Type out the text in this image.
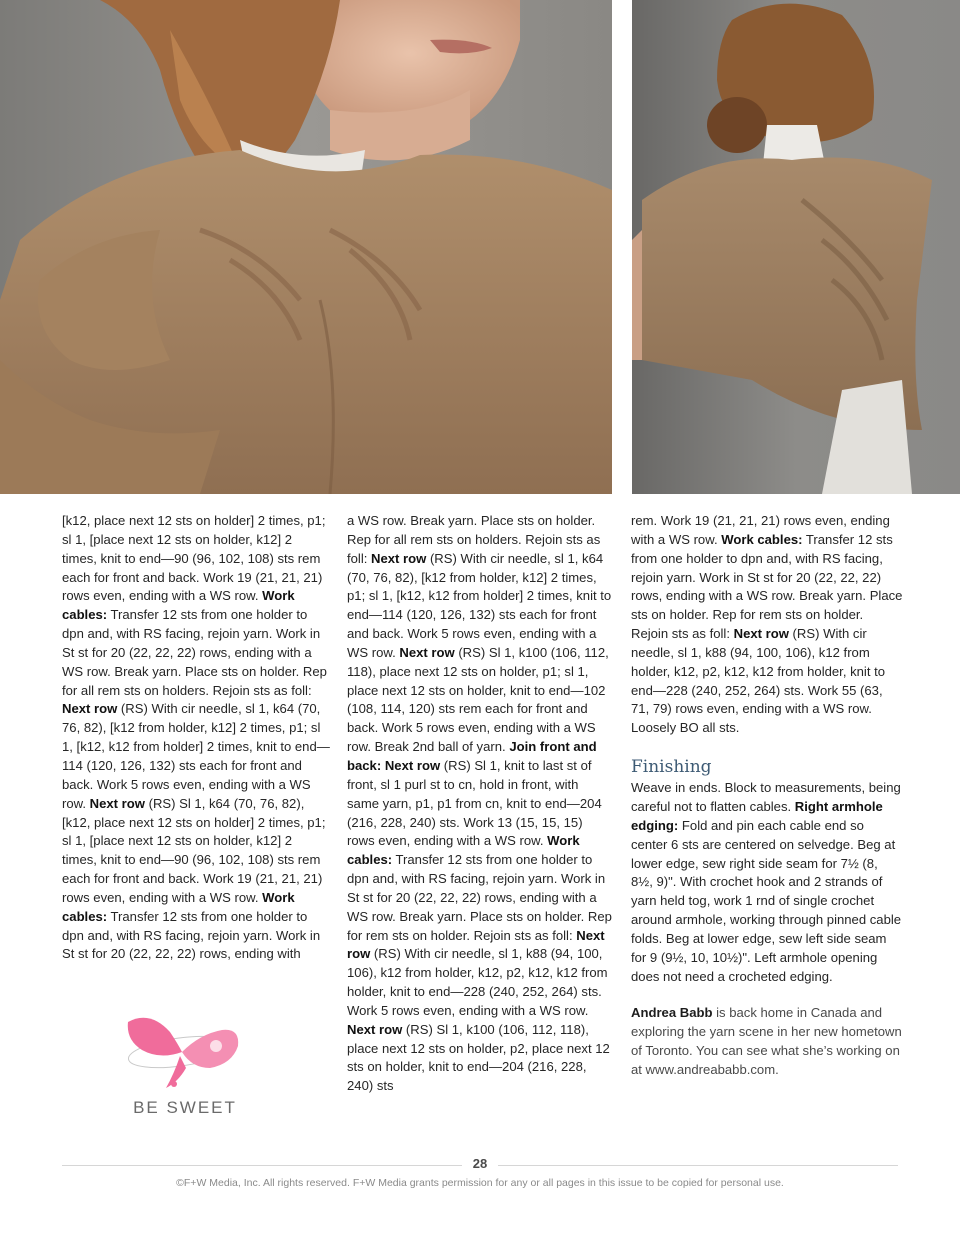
[k12, place next 12 sts on holder] 2 times, p1; sl 1, [place next 12 sts on holder, k12] 2 times, knit to end—90 (96, 102, 108) sts rem each for front and back. Work 19 (21, 21, 21) rows even, ending with a WS row. Work cables: Transfer 12 sts from one holder to dpn and, with RS facing, rejoin yarn. Work in St st for 20 (22, 22, 22) rows, ending with a WS row. Break yarn. Place sts on holder. Rep for all rem sts on holders. Rejoin sts as foll: Next row (RS) With cir needle, sl 1, k64 (70, 76, 82), [k12 from holder, k12] 2 times, p1; sl 1, [k12, k12 from holder] 2 times, knit to end—114 (120, 126, 132) sts each for front and back. Work 5 rows even, ending with a WS row. Next row (RS) Sl 1, k64 (70, 76, 82), [k12, place next 12 sts on holder] 2 times, p1; sl 1, [place next 12 sts on holder, k12] 2 times, knit to end—90 (96, 102, 108) sts rem each for front and back. Work 19 (21, 21, 21) rows even, ending with a WS row. Work cables: Transfer 12 sts from one holder to dpn and, with RS facing, rejoin yarn. Work in St st for 20 (22, 22, 22) rows, ending with

a WS row. Break yarn. Place sts on holder. Rep for all rem sts on holders. Rejoin sts as foll: Next row (RS) With cir needle, sl 1, k64 (70, 76, 82), [k12 from holder, k12] 2 times, p1; sl 1, [k12, k12 from holder] 2 times, knit to end—114 (120, 126, 132) sts each for front and back. Work 5 rows even, ending with a WS row. Next row (RS) Sl 1, k100 (106, 112, 118), place next 12 sts on holder, p1; sl 1, place next 12 sts on holder, knit to end—102 (108, 114, 120) sts rem each for front and back. Work 5 rows even, ending with a WS row. Break 2nd ball of yarn. Join front and back: Next row (RS) Sl 1, knit to last st of front, sl 1 purl st to cn, hold in front, with same yarn, p1, p1 from cn, knit to end—204 (216, 228, 240) sts. Work 13 (15, 15, 15) rows even, ending with a WS row. Work cables: Transfer 12 sts from one holder to dpn and, with RS facing, rejoin yarn. Work in St st for 20 (22, 22, 22) rows, ending with a WS row. Break yarn. Place sts on holder. Rep for rem sts on holder. Rejoin sts as foll: Next row (RS) With cir needle, sl 1, k88 (94, 100, 106), k12 from holder, k12, p2, k12, k12 from holder, knit to end—228 (240, 252, 264) sts. Work 5 rows even, ending with a WS row. Next row (RS) Sl 1, k100 (106, 112, 118), place next 12 sts on holder, p2, place next 12 sts on holder, knit to end—204 (216, 228, 240) sts

rem. Work 19 (21, 21, 21) rows even, ending with a WS row. Work cables: Transfer 12 sts from one holder to dpn and, with RS facing, rejoin yarn. Work in St st for 20 (22, 22, 22) rows, ending with a WS row. Break yarn. Place sts on holder. Rep for rem sts on holder. Rejoin sts as foll: Next row (RS) With cir needle, sl 1, k88 (94, 100, 106), k12 from holder, k12, p2, k12, k12 from holder, knit to end—228 (240, 252, 264) sts. Work 55 (63, 71, 79) rows even, ending with a WS row. Loosely BO all sts.

Finishing

Weave in ends. Block to measurements, being careful not to flatten cables. Right armhole edging: Fold and pin each cable end so center 6 sts are centered on selvedge. Beg at lower edge, sew right side seam for 7½ (8, 8½, 9)". With crochet hook and 2 strands of yarn held tog, work 1 rnd of single crochet around armhole, working through pinned cable folds. Beg at lower edge, sew left side seam for 9 (9½, 10, 10½)". Left armhole opening does not need a crocheted edging.

Andrea Babb is back home in Canada and exploring the yarn scene in her new hometown of Toronto. You can see what she’s working on at www.andreababb.com.

BE SWEET
28
©F+W Media, Inc. All rights reserved. F+W Media grants permission for any or all pages in this issue to be copied for personal use.
